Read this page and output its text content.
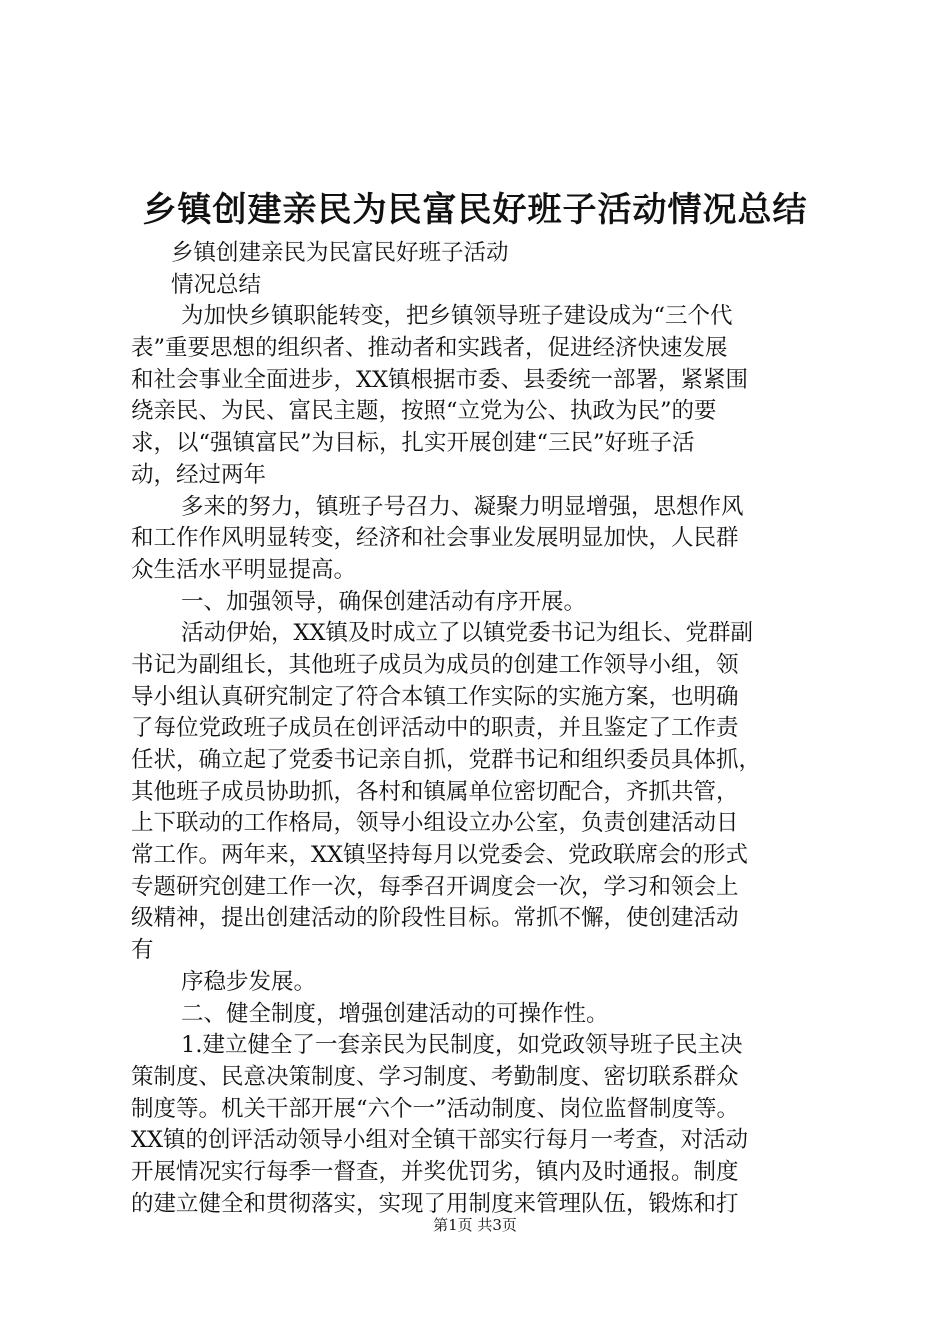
乡镇创建亲民为民富民好班子活动情况总结
乡镇创建亲民为民富民好班子活动
情况总结
为加快乡镇职能转变，把乡镇领导班子建设成为“三个代
表”重要思想的组织者、推动者和实践者，促进经济快速发展
和社会事业全面进步，XX镇根据市委、县委统一部署，紧紧围
绕亲民、为民、富民主题，按照“立党为公、执政为民”的要
求，以“强镇富民”为目标，扎实开展创建“三民”好班子活
动，经过两年
多来的努力，镇班子号召力、凝聚力明显增强，思想作风
和工作作风明显转变，经济和社会事业发展明显加快，人民群
众生活水平明显提高。
一、加强领导，确保创建活动有序开展。
活动伊始，XX镇及时成立了以镇党委书记为组长、党群副
书记为副组长，其他班子成员为成员的创建工作领导小组，领
导小组认真研究制定了符合本镇工作实际的实施方案，也明确
了每位党政班子成员在创评活动中的职责，并且鉴定了工作责
任状，确立起了党委书记亲自抓，党群书记和组织委员具体抓，
其他班子成员协助抓，各村和镇属单位密切配合，齐抓共管，
上下联动的工作格局，领导小组设立办公室，负责创建活动日
常工作。两年来，XX镇坚持每月以党委会、党政联席会的形式
专题研究创建工作一次，每季召开调度会一次，学习和领会上
级精神，提出创建活动的阶段性目标。常抓不懈，使创建活动
有
序稳步发展。
二、健全制度，增强创建活动的可操作性。
1.建立健全了一套亲民为民制度，如党政领导班子民主决
策制度、民意决策制度、学习制度、考勤制度、密切联系群众
制度等。机关干部开展“六个一”活动制度、岗位监督制度等。
XX镇的创评活动领导小组对全镇干部实行每月一考查，对活动
开展情况实行每季一督查，并奖优罚劣，镇内及时通报。制度
的建立健全和贯彻落实，实现了用制度来管理队伍，锻炼和打
第1页 共3页
